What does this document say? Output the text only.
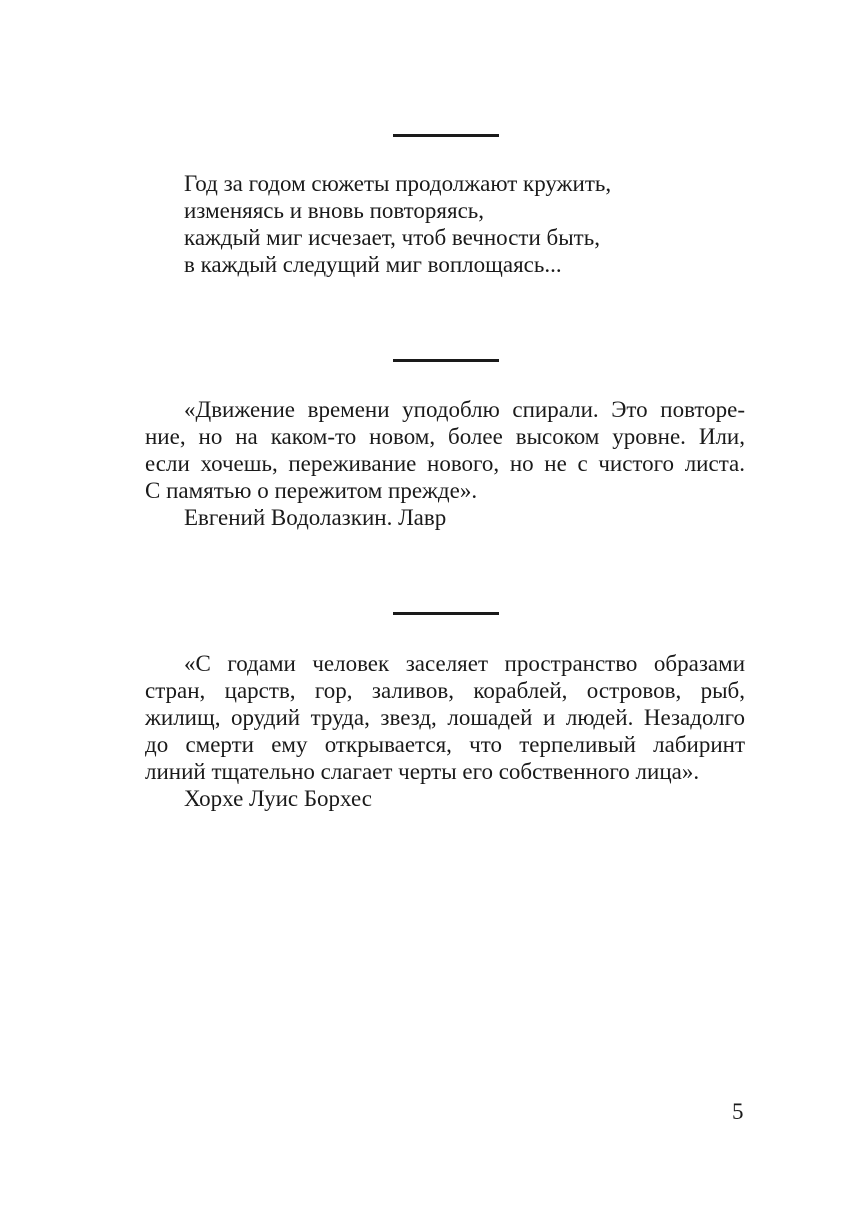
Год за годом сюжеты продолжают кружить,
изменяясь и вновь повторяясь,
каждый миг исчезает, чтоб вечности быть,
в каждый следущий миг воплощаясь...
«Движение времени уподоблю спирали. Это повторе-
ние, но на каком-то новом, более высоком уровне. Или,
если хочешь, переживание нового, но не с чистого листа.
С памятью о пережитом прежде».
Евгений Водолазкин. Лавр
«С годами человек заселяет пространство образами
стран, царств, гор, заливов, кораблей, островов, рыб,
жилищ, орудий труда, звезд, лошадей и людей. Незадолго
до смерти ему открывается, что терпеливый лабиринт
линий тщательно слагает черты его собственного лица».
Хорхе Луис Борхес
5
